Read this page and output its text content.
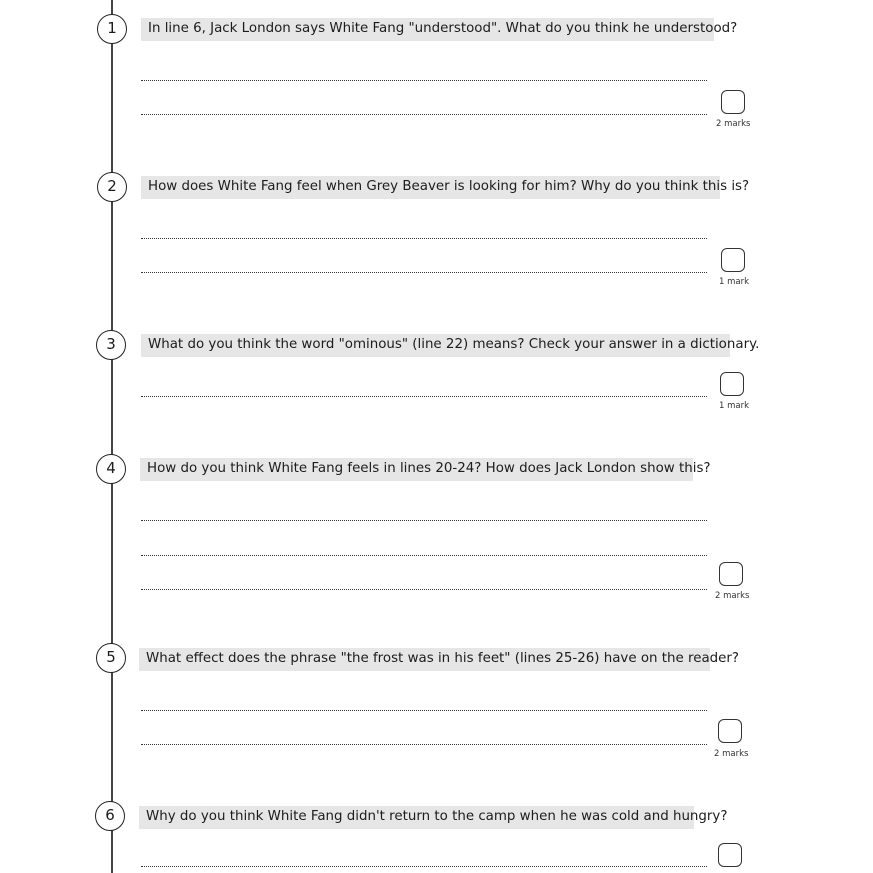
1	In line 6, Jack London says White Fang "understood". What do you think he understood?
2 marks
2	How does White Fang feel when Grey Beaver is looking for him? Why do you think this is?
1 mark
3	What do you think the word "ominous" (line 22) means? Check your answer in a dictionary.
1 mark
4	How do you think White Fang feels in lines 20-24? How does Jack London show this?
2 marks
5	What effect does the phrase "the frost was in his feet" (lines 25-26) have on the reader?
2 marks
6	Why do you think White Fang didn't return to the camp when he was cold and hungry?
